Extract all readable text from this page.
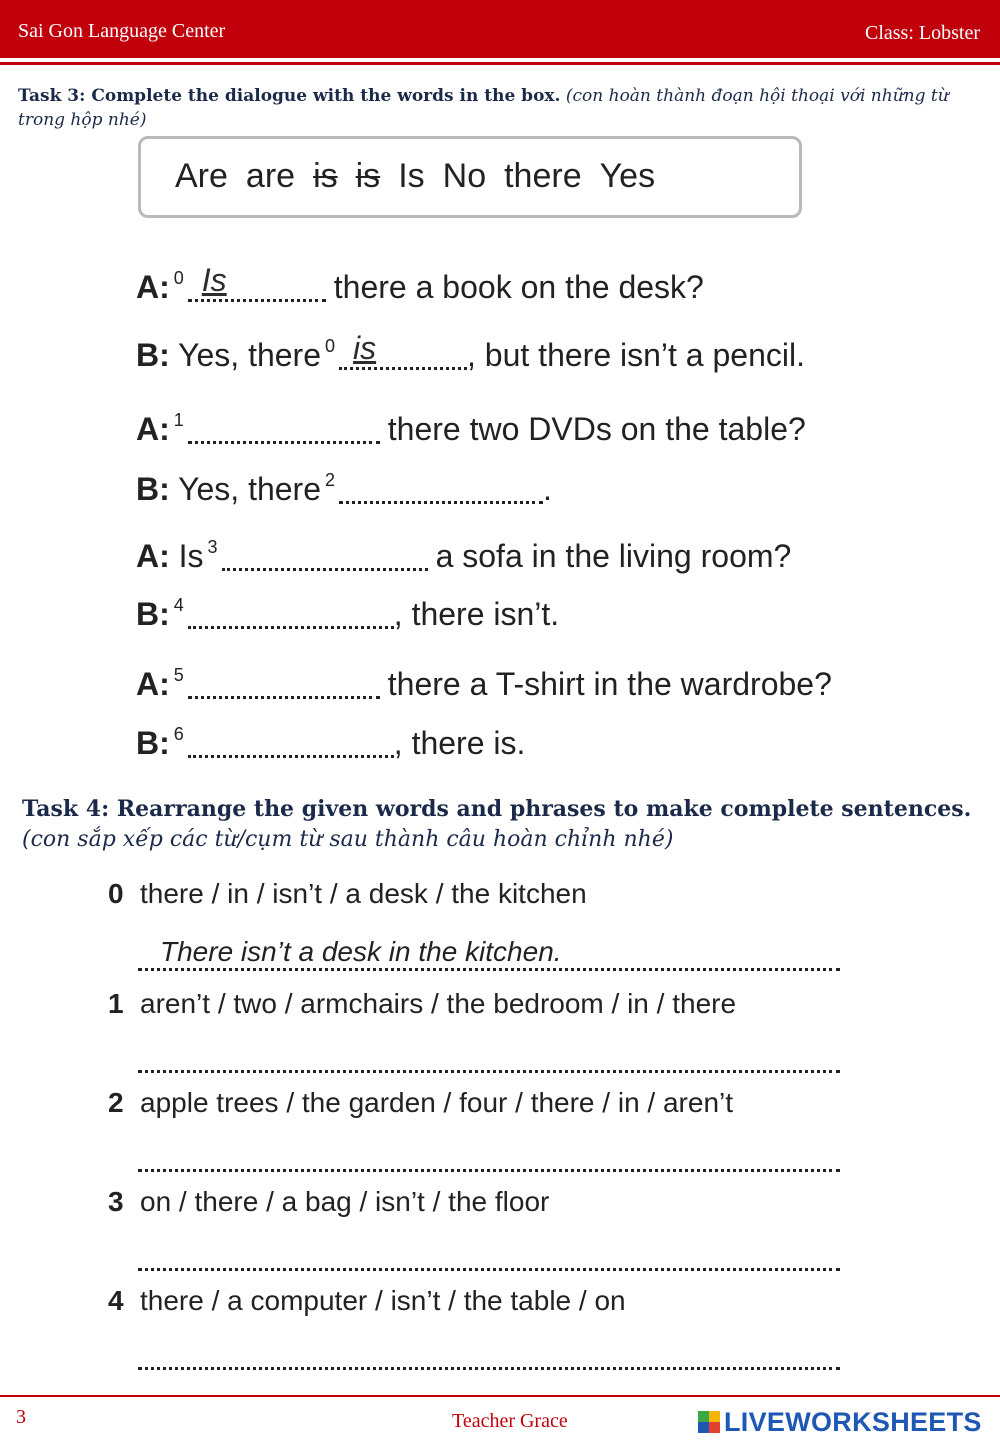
Sai Gon Language Center	Class: Lobster
Task 3: Complete the dialogue with the words in the box. (con hoàn thành đoạn hội thoại với những từ trong hộp nhé)
Are are is is Is No there Yes
A: $^0$ Is	there a book on the desk?
B: Yes, there $^0$ is	, but there isn’t a pencil.
A: $^1$	there two DVDs on the table?
B: Yes, there $^2$	.
A: Is $^3$	a sofa in the living room?
B: $^4$	, there isn’t.
A: $^5$	there a T-shirt in the wardrobe?
B: $^6$	, there is.
Task 4: Rearrange the given words and phrases to make complete sentences. (con sắp xếp các từ/cụm từ sau thành câu hoàn chỉnh nhé)
0 there / in / isn’t / a desk / the kitchen
There isn’t a desk in the kitchen.
1 aren’t / two / armchairs / the bedroom / in / there
2 apple trees / the garden / four / there / in / aren’t
3 on / there / a bag / isn’t / the floor
4 there / a computer / isn’t / the table / on
3	Teacher Grace	LIVEWORKSHEETS
